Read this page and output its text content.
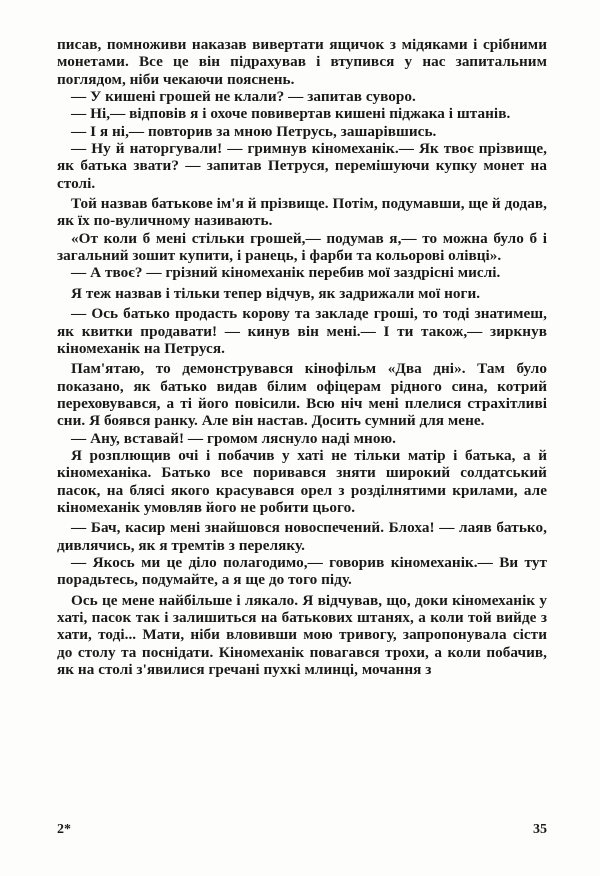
писав, помноживи наказав вивертати ящичок з мідяками і срібними монетами. Все це він підрахував і втупився у нас запитальним поглядом, ніби чекаючи пояснень.

— У кишені грошей не клали? — запитав суворо.

— Ні,— відповів я і охоче повивертав кишені піджака і штанів.

— І я ні,— повторив за мною Петрусь, зашарівшись.

— Ну й наторгували! — гримнув кіномеханік.— Як твоє прізвище, як батька звати? — запитав Петруся, перемішуючи купку монет на столі.

Той назвав батькове ім'я й прізвище. Потім, подумавши, ще й додав, як їх по-вуличному називають.

«От коли б мені стільки грошей,— подумав я,— то можна було б і загальний зошит купити, і ранець, і фарби та кольорові олівці».

— А твоє? — грізний кіномеханік перебив мої заздрісні мислі.

Я теж назвав і тільки тепер відчув, як задрижали мої ноги.

— Ось батько продасть корову та закладе гроші, то тоді знатимеш, як квитки продавати! — кинув він мені.— І ти також,— зиркнув кіномеханік на Петруся.

Пам'ятаю, то демонструвався кінофільм «Два дні». Там було показано, як батько видав білим офіцерам рідного сина, котрий переховувався, а ті його повісили. Всю ніч мені плелися страхітливі сни. Я боявся ранку. Але він настав. Досить сумний для мене.

— Ану, вставай! — громом ляснуло наді мною.

Я розплющив очі і побачив у хаті не тільки матір і батька, а й кіномеханіка. Батько все поривався зняти широкий солдатський пасок, на блясі якого красувався орел з розділнятими крилами, але кіномеханік умовляв його не робити цього.

— Бач, касир мені знайшовся новоспечений. Блоха! — лаяв батько, дивлячись, як я тремтів з переляку.

— Якось ми це діло полагодимо,— говорив кіномеханік.— Ви тут порадьтесь, подумайте, а я ще до того піду.

Ось це мене найбільше і лякало. Я відчував, що, доки кіномеханік у хаті, пасок так і залишиться на батькових штанях, а коли той вийде з хати, тоді... Мати, ніби вловивши мою тривогу, запропонувала сісти до столу та поснідати. Кіномеханік повагався трохи, а коли побачив, як на столі з'явилися гречані пухкі млинці, мочання з

2*	35
